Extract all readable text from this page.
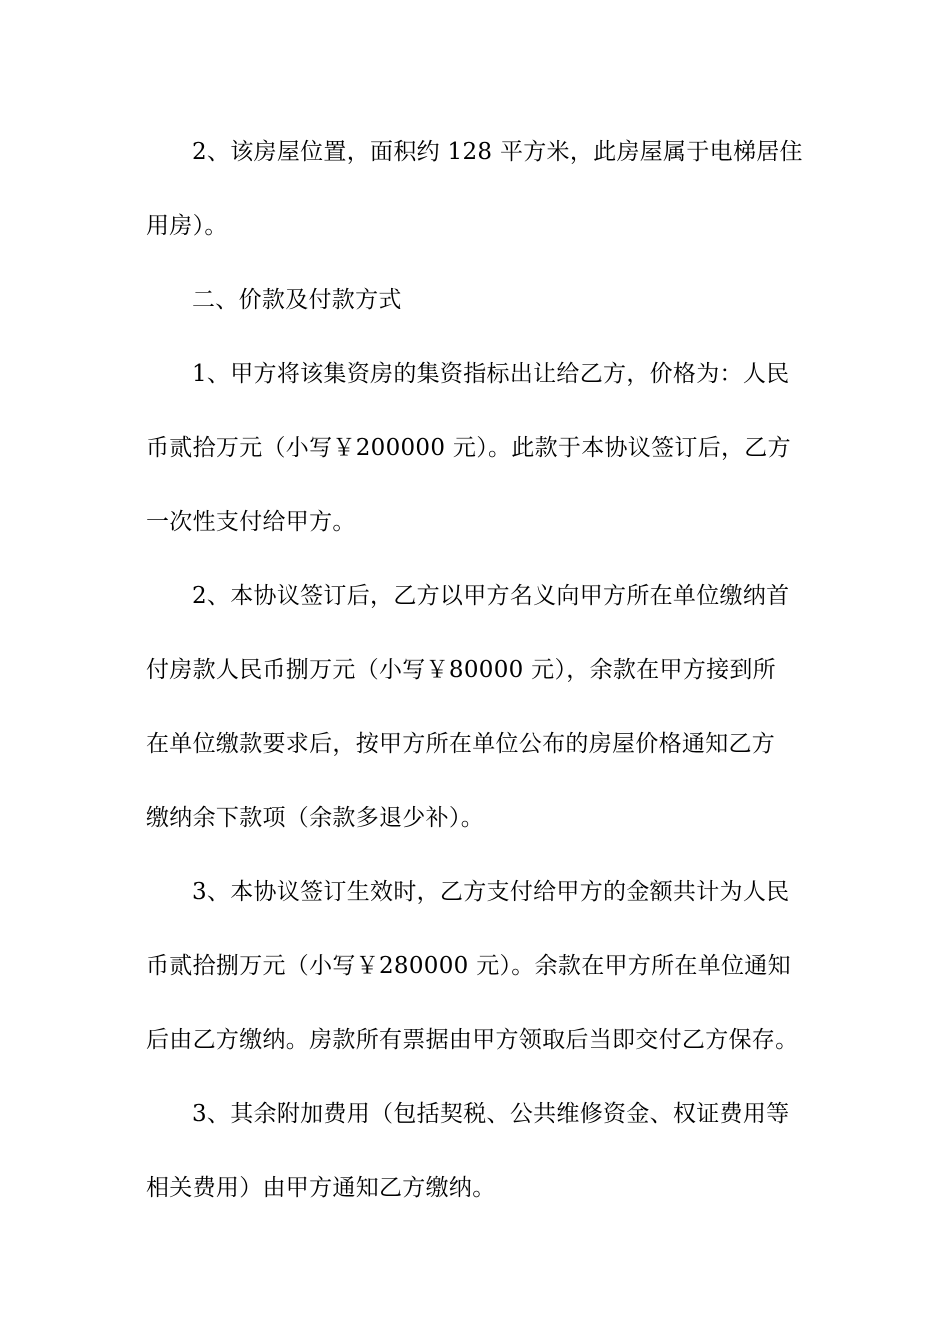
2、该房屋位置，面积约 128 平方米，此房屋属于电梯居住
用房）。
二、价款及付款方式
1、甲方将该集资房的集资指标出让给乙方，价格为：人民
币贰拾万元（小写￥200000 元）。此款于本协议签订后，乙方
一次性支付给甲方。
2、本协议签订后，乙方以甲方名义向甲方所在单位缴纳首
付房款人民币捌万元（小写￥80000 元），余款在甲方接到所
在单位缴款要求后，按甲方所在单位公布的房屋价格通知乙方
缴纳余下款项（余款多退少补）。
3、本协议签订生效时，乙方支付给甲方的金额共计为人民
币贰拾捌万元（小写￥280000 元）。余款在甲方所在单位通知
后由乙方缴纳。房款所有票据由甲方领取后当即交付乙方保存。
3、其余附加费用（包括契税、公共维修资金、权证费用等
相关费用）由甲方通知乙方缴纳。
